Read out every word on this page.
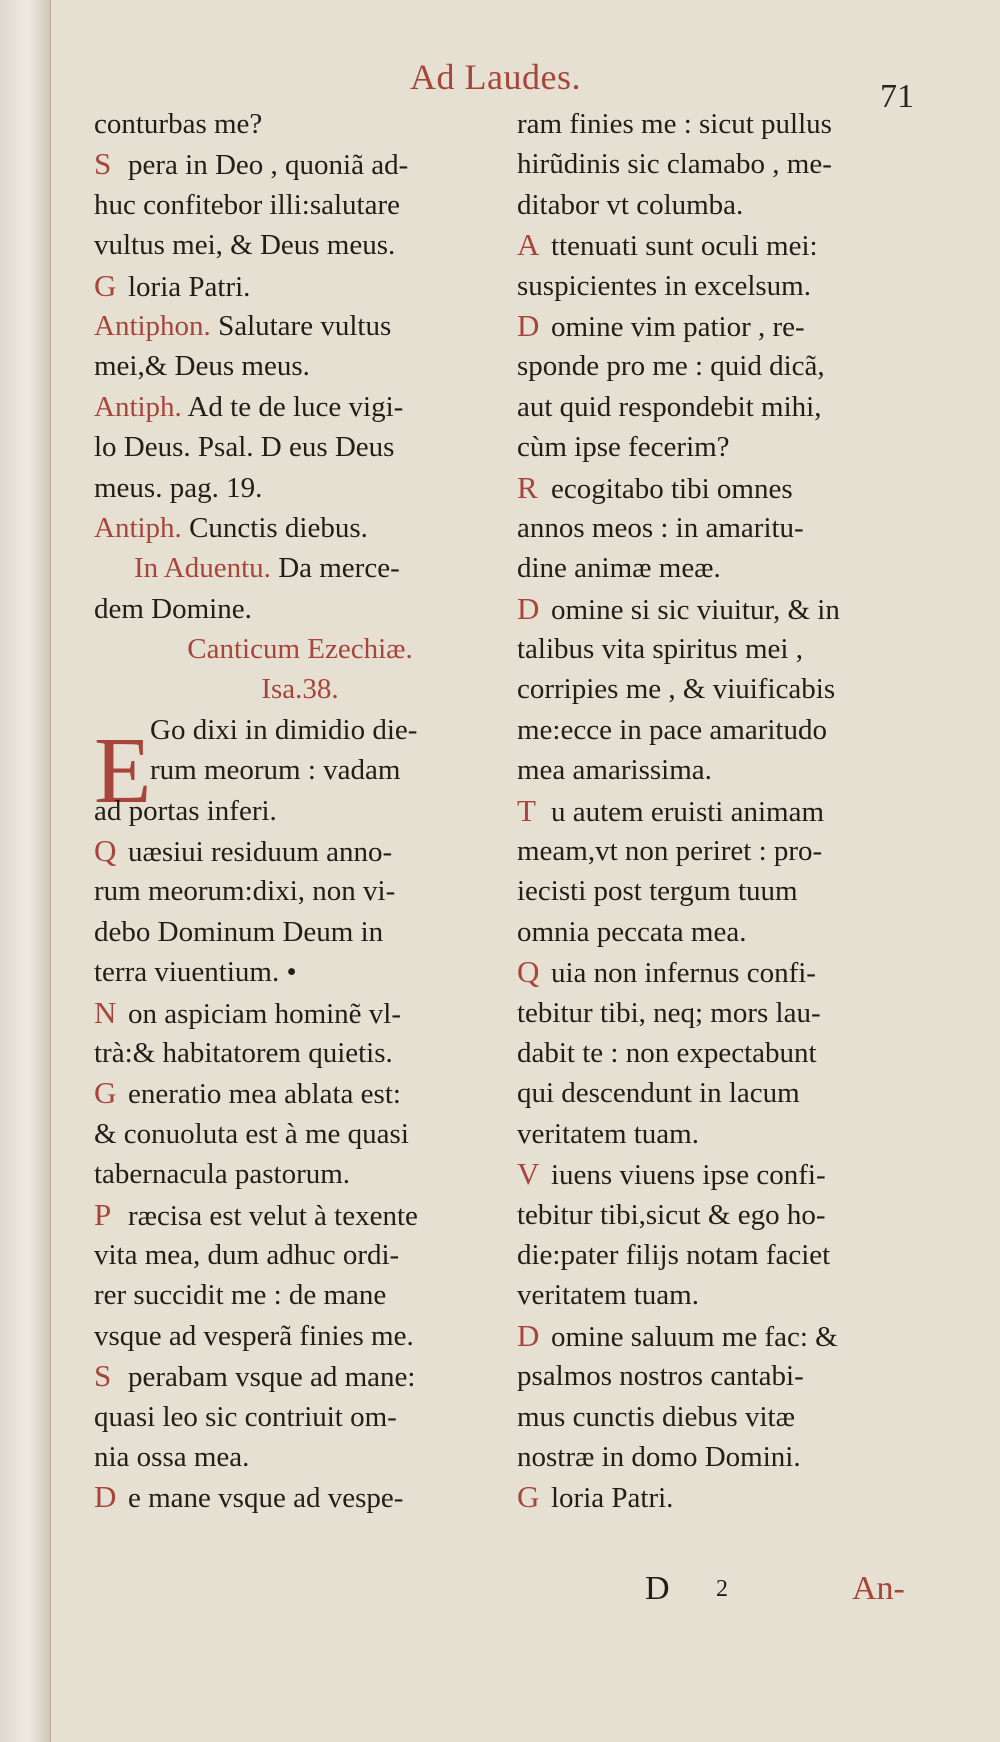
Ad Laudes.	71
E
conturbas me?
S pera in Deo , quoniã ad-
huc confitebor illi:salutare
vultus mei, & Deus meus.
G loria Patri.
Antiphon. Salutare vultus
mei,& Deus meus.
Antiph. Ad te de luce vigi-
lo Deus. Psal. D eus Deus
meus. pag. 19.
Antiph. Cunctis diebus.
In Aduentu. Da merce-
dem Domine.
Canticum Ezechiæ.
Isa.38.
Go dixi in dimidio die-
rum meorum : vadam
ad portas inferi.
Q uæsiui residuum anno-
rum meorum:dixi, non vi-
debo Dominum Deum in
terra viuentium. •
N on aspiciam hominẽ vl-
trà:& habitatorem quietis.
G eneratio mea ablata est:
& conuoluta est à me quasi
tabernacula pastorum.
P ræcisa est velut à texente
vita mea, dum adhuc ordi-
rer succidit me : de mane
vsque ad vesperã finies me.
S perabam vsque ad mane:
quasi leo sic contriuit om-
nia ossa mea.
D e mane vsque ad vespe-
ram finies me : sicut pullus
hirũdinis sic clamabo , me-
ditabor vt columba.
A ttenuati sunt oculi mei:
suspicientes in excelsum.
D omine vim patior , re-
sponde pro me : quid dicã,
aut quid respondebit mihi,
cùm ipse fecerim?
R ecogitabo tibi omnes
annos meos : in amaritu-
dine animæ meæ.
D omine si sic viuitur, & in
talibus vita spiritus mei ,
corripies me , & viuificabis
me:ecce in pace amaritudo
mea amarissima.
T u autem eruisti animam
meam,vt non periret : pro-
iecisti post tergum tuum
omnia peccata mea.
Q uia non infernus confi-
tebitur tibi, neq; mors lau-
dabit te : non expectabunt
qui descendunt in lacum
veritatem tuam.
V iuens viuens ipse confi-
tebitur tibi,sicut & ego ho-
die:pater filijs notam faciet
veritatem tuam.
D omine saluum me fac: &
psalmos nostros cantabi-
mus cunctis diebus vitæ
nostræ in domo Domini.
G loria Patri.
D 2	An-
